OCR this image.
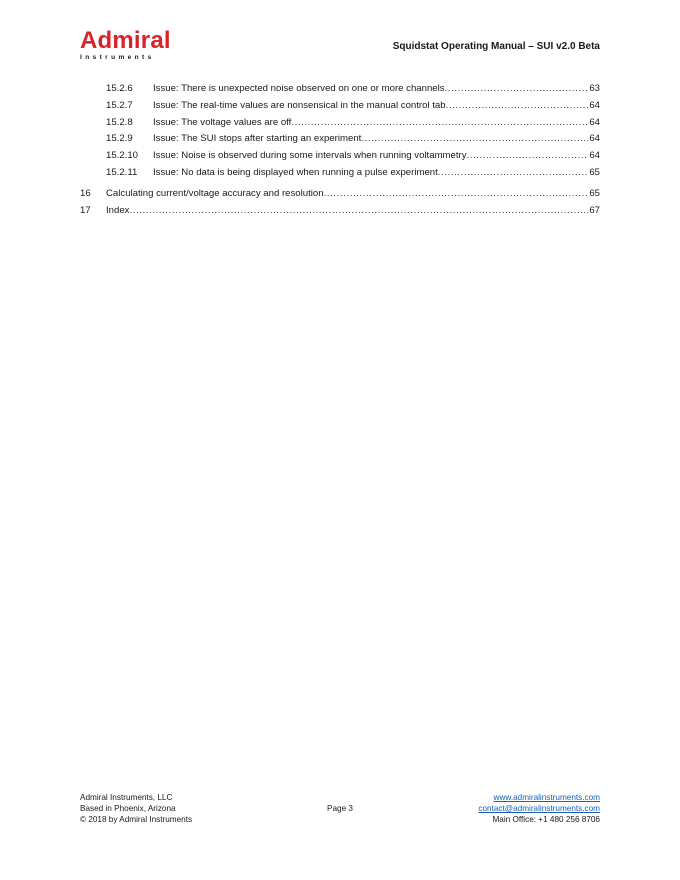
Admiral
Instruments
Squidstat Operating Manual – SUI v2.0 Beta
15.2.6	Issue: There is unexpected noise observed on one or more channels .....	63
15.2.7	Issue: The real-time values are nonsensical in the manual control tab .....	64
15.2.8	Issue: The voltage values are off .....	64
15.2.9	Issue: The SUI stops after starting an experiment .....	64
15.2.10	Issue: Noise is observed during some intervals when running voltammetry .....	64
15.2.11	Issue: No data is being displayed when running a pulse experiment .....	65
16	Calculating current/voltage accuracy and resolution .....	65
17	Index .....	67
Admiral Instruments, LLC
Based in Phoenix, Arizona
© 2018 by Admiral Instruments
Page 3
www.admiralinstruments.com
contact@admiralinstruments.com
Main Office: +1 480 256 8706
